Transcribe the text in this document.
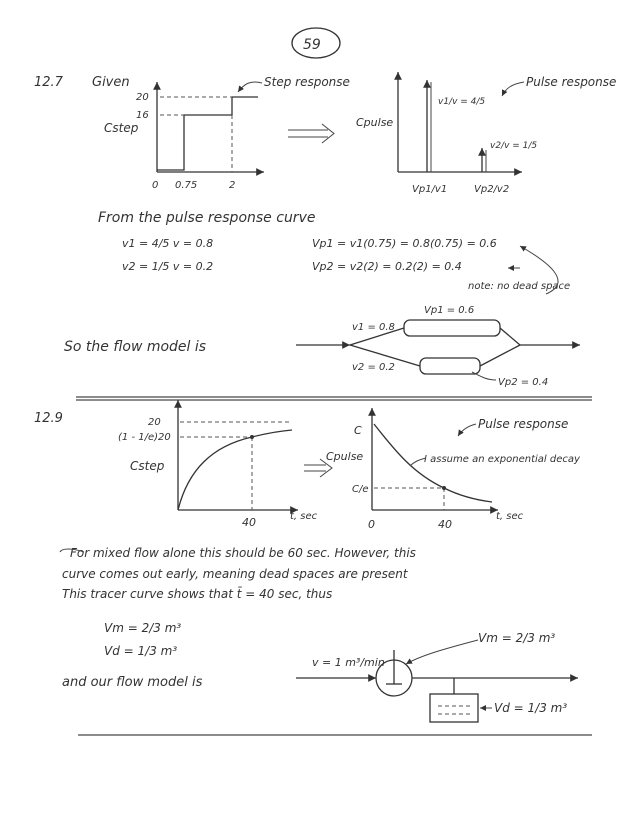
59
12.7 Given
20
16
Cstep
0 0.75	2
Step response
Cpulse
v1/v = 4/5
v2/v = 1/5
Vp1/v1	Vp2/v2
Pulse response
From the pulse response curve
v1 = 4/5 v = 0.8
v2 = 1/5 v = 0.2
Vp1 = v1(0.75) = 0.8(0.75) = 0.6
Vp2 = v2(2) = 0.2(2) = 0.4
note: no dead space
So the flow model is
Vp1 = 0.6
v1 = 0.8
v2 = 0.2
Vp2 = 0.4
12.9	20
(1 - 1/e)20
Cstep
40	t, sec
C
C/e
Cpulse
0	40
t, sec
Pulse response
I assume an exponential decay
For mixed flow alone this should be 60 sec. However, this
curve comes out early, meaning dead spaces are present
This tracer curve shows that t̄ = 40 sec, thus
Vm = 2/3 m³
Vd = 1/3 m³
and our flow model is
v = 1 m³/min
Vm = 2/3 m³
Vd = 1/3 m³
